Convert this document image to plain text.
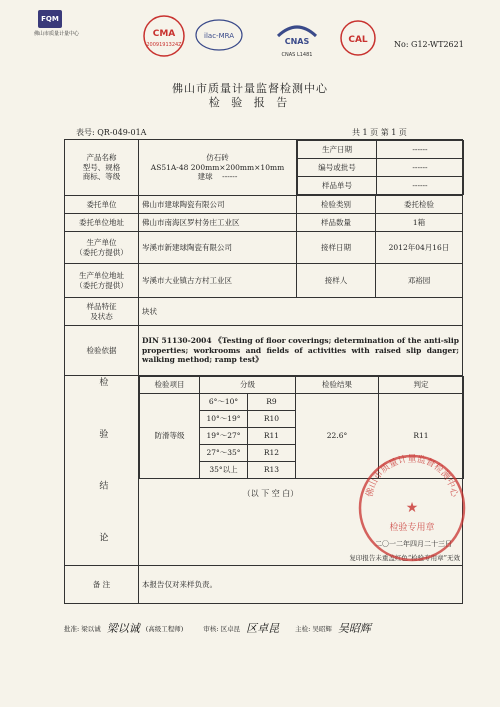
FQM
佛山市质量计量中心	CMA
2009191324Z
ilac-MRA
CNAS
CNAS L1481
CAL	No: G12-WT2621
佛山市质量计量监督检测中心
检 验 报 告
表号: QR-049-01A	共 1 页 第 1 页
产品名称
型号、规格
商标、等级

仿石砖
AS51A-48 200mm×200mm×10mm
建球    ------

生产日期	------
编号或批号	------
样品单号	------

委托单位	佛山市建球陶瓷有限公司	检验类别	委托检验
委托单位地址	佛山市南海区罗村务庄工业区	样品数量	1箱
生产单位
（委托方提供）	岑溪市新建球陶瓷有限公司	接样日期	2012年04月16日
生产单位地址
（委托方提供）	岑溪市大业镇古方村工业区	接样人	邓裕园
样品特征
及状态	块状
检验依据	DIN 51130-2004 《Testing of floor coverings; determination of the anti-slip properties; workrooms and fields of activities with raised slip danger; walking method; ramp test》
检 验 结 论		检验项目	分级	检验结果	判定
防滑等级	6°～10°	R9	22.6°	R11
10°～19°	R10
19°～27°	R11
27°～35°	R12
35°以上	R13
（以 下 空 白）
二〇一二年四月二十三日
复印报告未重盖红色“检验专用章”无效

备 注	本报告仅对来样负责。
佛山市质量计量监督检测中心
★
检验专用章
批准: 梁以诚 梁以诚 (高级工程师)	审核: 区卓昆 区卓昆 主检: 吴昭辉 吴昭辉
